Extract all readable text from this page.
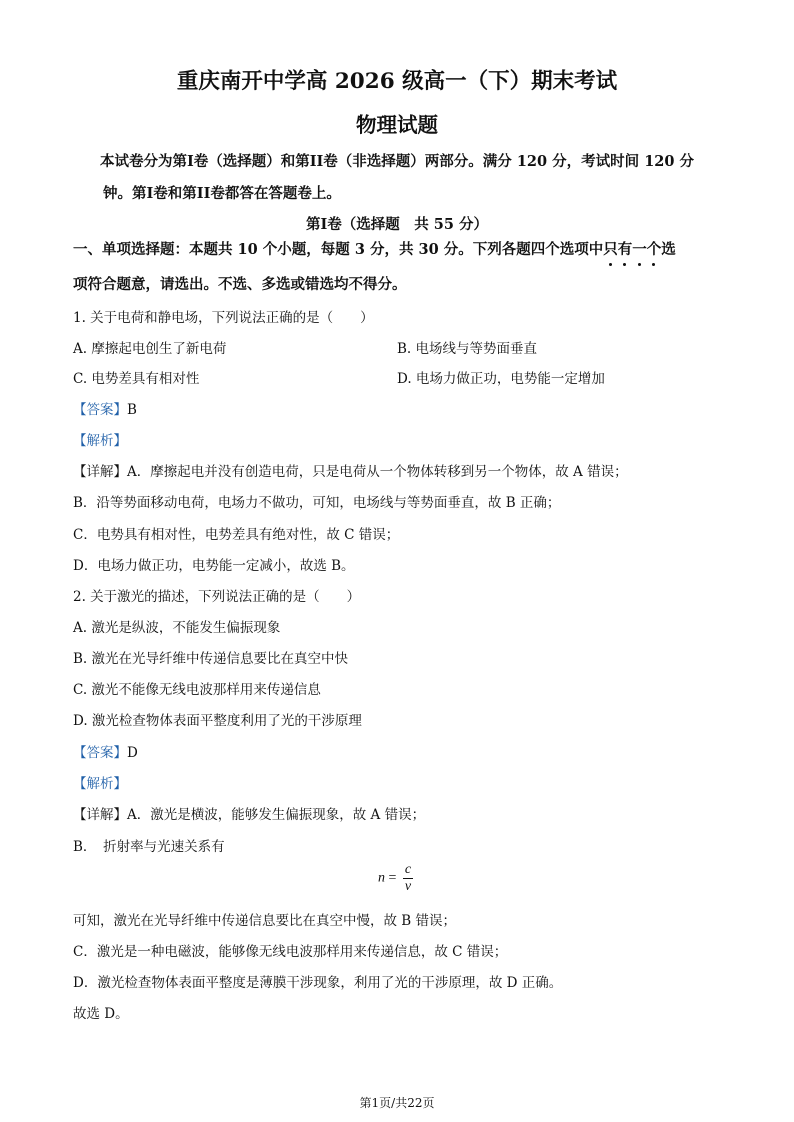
重庆南开中学高 2026 级高一（下）期末考试
物理试题
本试卷分为第I卷（选择题）和第II卷（非选择题）两部分。满分 120 分，考试时间 120 分
钟。第I卷和第II卷都答在答题卷上。
第I卷（选择题　共 55 分）
一、单项选择题：本题共 10 个小题，每题 3 分，共 30 分。下列各题四个选项中只有一个选
项符合题意，请选出。不选、多选或错选均不得分。
1. 关于电荷和静电场，下列说法正确的是（　　）
A. 摩擦起电创生了新电荷	B. 电场线与等势面垂直
C. 电势差具有相对性	D. 电场力做正功，电势能一定增加
【答案】B
【解析】
【详解】A．摩擦起电并没有创造电荷，只是电荷从一个物体转移到另一个物体，故 A 错误；
B．沿等势面移动电荷，电场力不做功，可知，电场线与等势面垂直，故 B 正确；
C．电势具有相对性，电势差具有绝对性，故 C 错误；
D．电场力做正功，电势能一定减小，故选 B。
2. 关于激光的描述，下列说法正确的是（　　）
A. 激光是纵波，不能发生偏振现象
B. 激光在光导纤维中传递信息要比在真空中快
C. 激光不能像无线电波那样用来传递信息
D. 激光检查物体表面平整度利用了光的干涉原理
【答案】D
【解析】
【详解】A．激光是横波，能够发生偏振现象，故 A 错误；
B．　折射率与光速关系有
$n = \frac{c}{v}$
可知，激光在光导纤维中传递信息要比在真空中慢，故 B 错误；
C．激光是一种电磁波，能够像无线电波那样用来传递信息，故 C 错误；
D．激光检查物体表面平整度是薄膜干涉现象，利用了光的干涉原理，故 D 正确。
故选 D。
第1页/共22页
